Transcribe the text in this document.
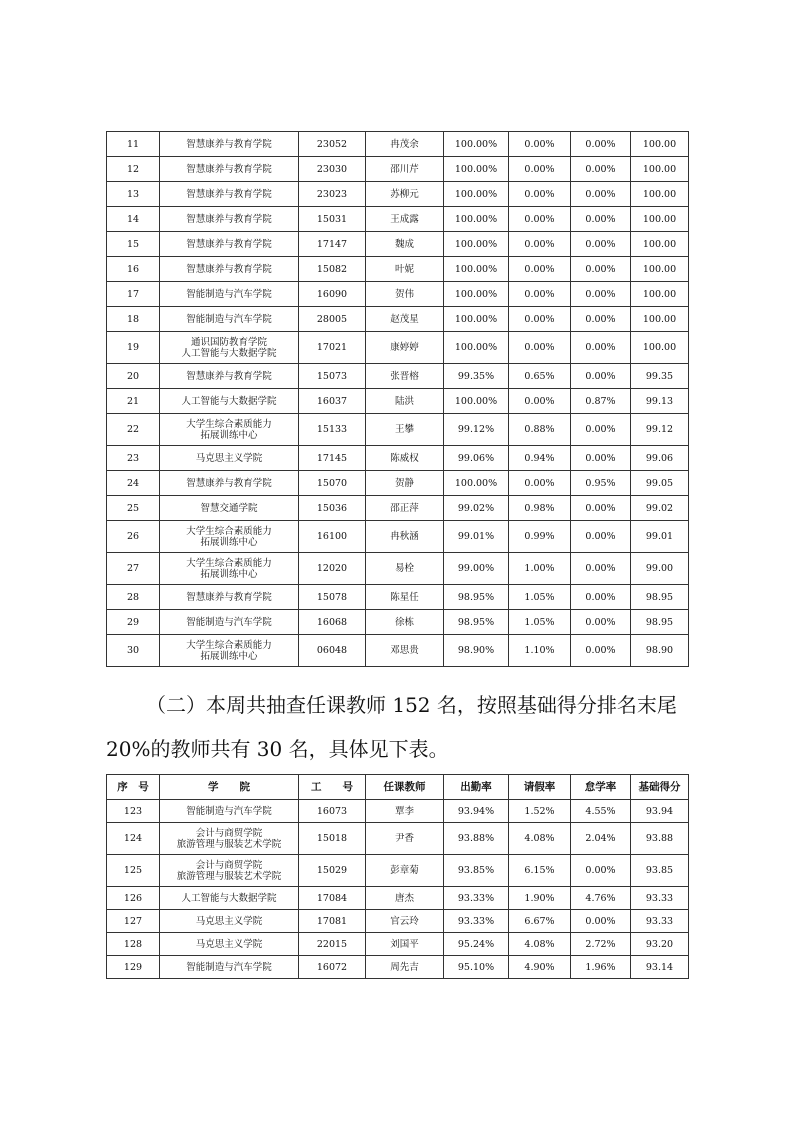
11	智慧康养与教育学院	23052	冉茂余	100.00%	0.00%	0.00%	100.00
12	智慧康养与教育学院	23030	邵川芹	100.00%	0.00%	0.00%	100.00
13	智慧康养与教育学院	23023	苏柳元	100.00%	0.00%	0.00%	100.00
14	智慧康养与教育学院	15031	王成露	100.00%	0.00%	0.00%	100.00
15	智慧康养与教育学院	17147	魏成	100.00%	0.00%	0.00%	100.00
16	智慧康养与教育学院	15082	叶妮	100.00%	0.00%	0.00%	100.00
17	智能制造与汽车学院	16090	贺伟	100.00%	0.00%	0.00%	100.00
18	智能制造与汽车学院	28005	赵茂星	100.00%	0.00%	0.00%	100.00
19	通识国防教育学院
人工智能与大数据学院	17021	康婷婷	100.00%	0.00%	0.00%	100.00
20	智慧康养与教育学院	15073	张晋榕	99.35%	0.65%	0.00%	99.35
21	人工智能与大数据学院	16037	陆洪	100.00%	0.00%	0.87%	99.13
22	大学生综合素质能力
拓展训练中心	15133	王攀	99.12%	0.88%	0.00%	99.12
23	马克思主义学院	17145	陈威权	99.06%	0.94%	0.00%	99.06
24	智慧康养与教育学院	15070	贺静	100.00%	0.00%	0.95%	99.05
25	智慧交通学院	15036	邵正萍	99.02%	0.98%	0.00%	99.02
26	大学生综合素质能力
拓展训练中心	16100	冉秋涵	99.01%	0.99%	0.00%	99.01
27	大学生综合素质能力
拓展训练中心	12020	易栓	99.00%	1.00%	0.00%	99.00
28	智慧康养与教育学院	15078	陈星任	98.95%	1.05%	0.00%	98.95
29	智能制造与汽车学院	16068	徐栋	98.95%	1.05%	0.00%	98.95
30	大学生综合素质能力
拓展训练中心	06048	邓思贵	98.90%	1.10%	0.00%	98.90
（二）本周共抽查任课教师 152 名，按照基础得分排名末尾
20%的教师共有 30 名，具体见下表。
序　号	学　　院	工　　号	任课教师	出勤率	请假率	怠学率	基础得分
123	智能制造与汽车学院	16073	覃李	93.94%	1.52%	4.55%	93.94
124	会计与商贸学院
旅游管理与服装艺术学院	15018	尹香	93.88%	4.08%	2.04%	93.88
125	会计与商贸学院
旅游管理与服装艺术学院	15029	彭章菊	93.85%	6.15%	0.00%	93.85
126	人工智能与大数据学院	17084	唐杰	93.33%	1.90%	4.76%	93.33
127	马克思主义学院	17081	官云玲	93.33%	6.67%	0.00%	93.33
128	马克思主义学院	22015	刘国平	95.24%	4.08%	2.72%	93.20
129	智能制造与汽车学院	16072	周先吉	95.10%	4.90%	1.96%	93.14
